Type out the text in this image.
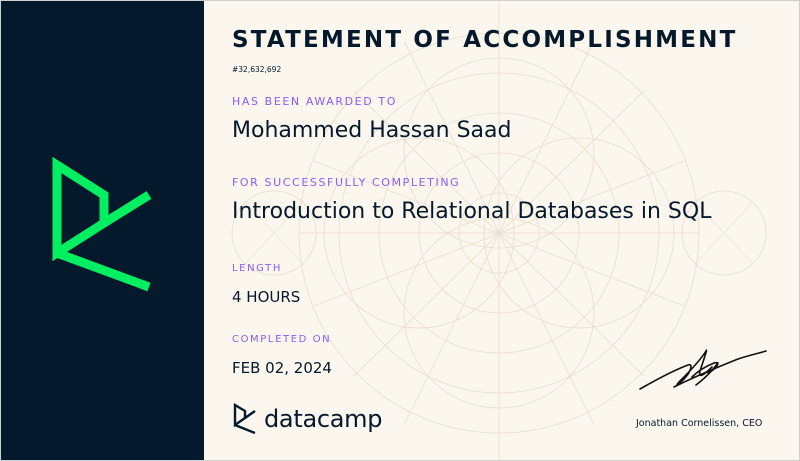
STATEMENT OF ACCOMPLISHMENT
#32,632,692
HAS BEEN AWARDED TO
Mohammed Hassan Saad
FOR SUCCESSFULLY COMPLETING
Introduction to Relational Databases in SQL
LENGTH
4 HOURS
COMPLETED ON
FEB 02, 2024
datacamp	Jonathan Cornelissen, CEO
